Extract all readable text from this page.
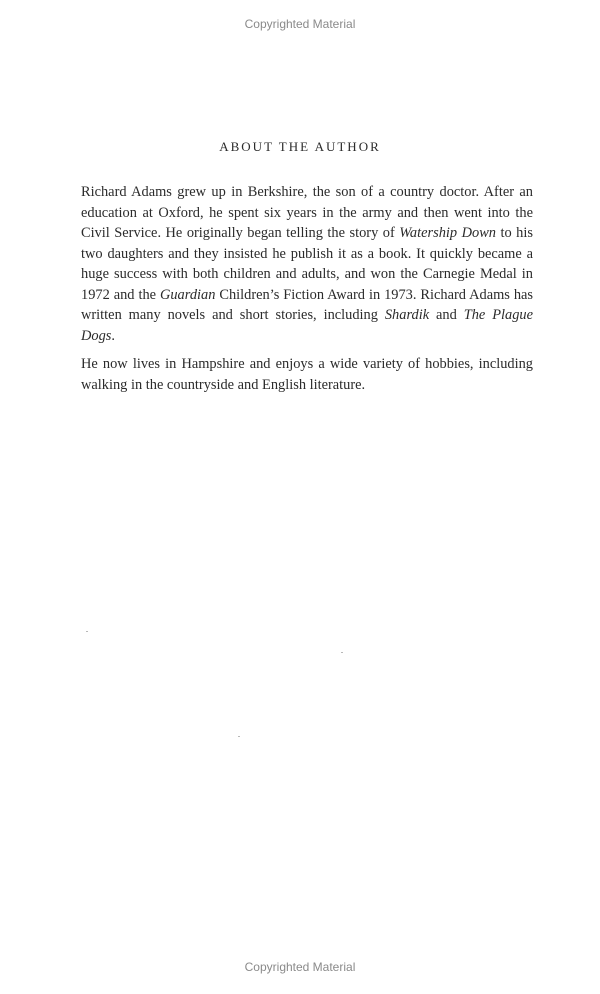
Copyrighted Material
ABOUT THE AUTHOR

Richard Adams grew up in Berkshire, the son of a country doctor. After an education at Oxford, he spent six years in the army and then went into the Civil Service. He originally began telling the story of Watership Down to his two daughters and they insisted he publish it as a book. It quickly became a huge success with both children and adults, and won the Carnegie Medal in 1972 and the Guardian Children’s Fiction Award in 1973. Richard Adams has written many novels and short stories, including Shardik and The Plague Dogs.

He now lives in Hampshire and enjoys a wide variety of hobbies, including walking in the countryside and English literature.

Copyrighted Material
